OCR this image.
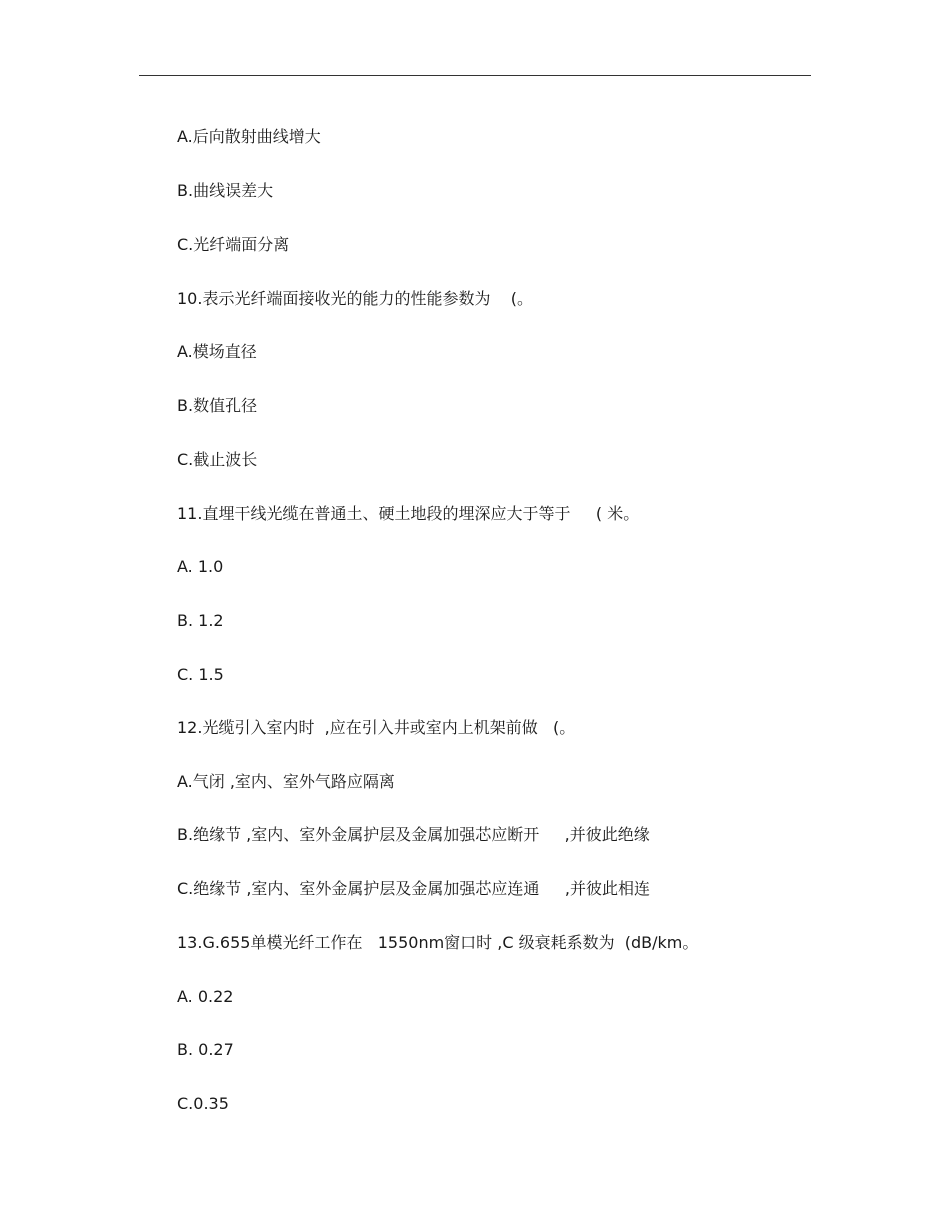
A.后向散射曲线增大
B.曲线误差大
C.光纤端面分离
10.表示光纤端面接收光的能力的性能参数为    (。
A.模场直径
B.数值孔径
C.截止波长
11.直埋干线光缆在普通土、硬土地段的埋深应大于等于     ( 米。
A. 1.0
B. 1.2
C. 1.5
12.光缆引入室内时  ,应在引入井或室内上机架前做   (。
A.气闭 ,室内、室外气路应隔离
B.绝缘节 ,室内、室外金属护层及金属加强芯应断开     ,并彼此绝缘
C.绝缘节 ,室内、室外金属护层及金属加强芯应连通     ,并彼此相连
13.G.655单模光纤工作在   1550nm窗口时 ,C 级衰耗系数为  (dB/km。
A. 0.22
B. 0.27
C.0.35
